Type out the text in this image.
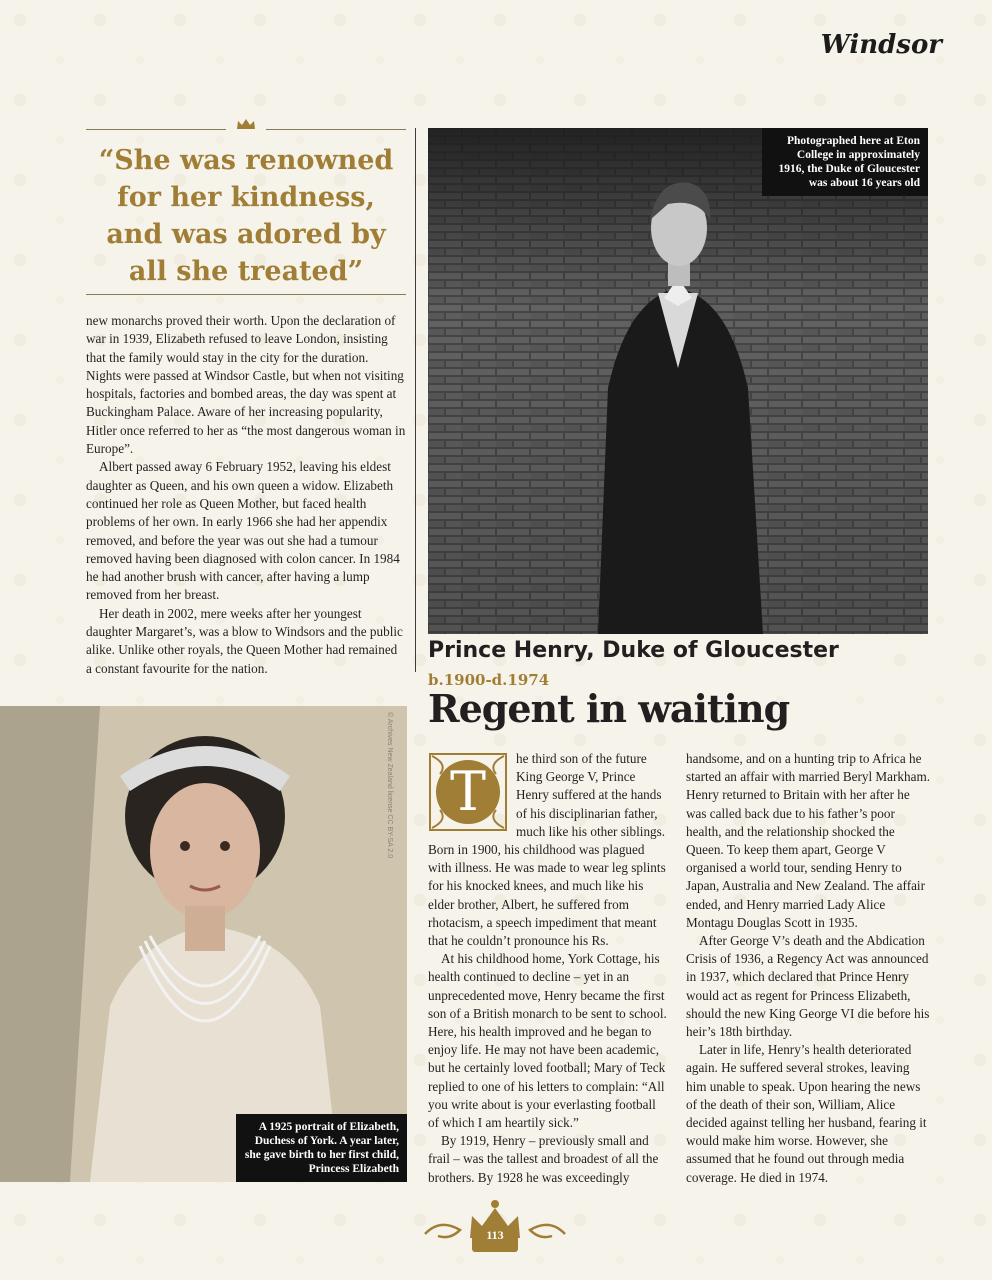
Windsor
“She was renowned for her kindness, and was adored by all she treated”

new monarchs proved their worth. Upon the declaration of war in 1939, Elizabeth refused to leave London, insisting that the family would stay in the city for the duration. Nights were passed at Windsor Castle, but when not visiting hospitals, factories and bombed areas, the day was spent at Buckingham Palace. Aware of her increasing popularity, Hitler once referred to her as “the most dangerous woman in Europe”.

Albert passed away 6 February 1952, leaving his eldest daughter as Queen, and his own queen a widow. Elizabeth continued her role as Queen Mother, but faced health problems of her own. In early 1966 she had her appendix removed, and before the year was out she had a tumour removed having been diagnosed with colon cancer. In 1984 he had another brush with cancer, after having a lump removed from her breast.

Her death in 2002, mere weeks after her youngest daughter Margaret’s, was a blow to Windsors and the public alike. Unlike other royals, the Queen Mother had remained a constant favourite for the nation.

Photographed here at Eton College in approximately 1916, the Duke of Gloucester was about 16 years old
A 1925 portrait of Elizabeth, Duchess of York. A year later, she gave birth to her first child, Princess Elizabeth
© Archives New Zealand license CC BY-SA 2.0
Prince Henry, Duke of Gloucester
b.1900-d.1974
Regent in waiting
T

he third son of the future King George V, Prince Henry suffered at the hands of his disciplinarian father, much like his other siblings. Born in 1900, his childhood was plagued with illness. He was made to wear leg splints for his knocked knees, and much like his elder brother, Albert, he suffered from rhotacism, a speech impediment that meant that he couldn’t pronounce his Rs.

At his childhood home, York Cottage, his health continued to decline – yet in an unprecedented move, Henry became the first son of a British monarch to be sent to school. Here, his health improved and he began to enjoy life. He may not have been academic, but he certainly loved football; Mary of Teck replied to one of his letters to complain: “All you write about is your everlasting football of which I am heartily sick.”

By 1919, Henry – previously small and frail – was the tallest and broadest of all the brothers. By 1928 he was exceedingly

handsome, and on a hunting trip to Africa he started an affair with married Beryl Markham. Henry returned to Britain with her after he was called back due to his father’s poor health, and the relationship shocked the Queen. To keep them apart, George V organised a world tour, sending Henry to Japan, Australia and New Zealand. The affair ended, and Henry married Lady Alice Montagu Douglas Scott in 1935.

After George V’s death and the Abdication Crisis of 1936, a Regency Act was announced in 1937, which declared that Prince Henry would act as regent for Princess Elizabeth, should the new King George VI die before his heir’s 18th birthday.

Later in life, Henry’s health deteriorated again. He suffered several strokes, leaving him unable to speak. Upon hearing the news of the death of their son, William, Alice decided against telling her husband, fearing it would make him worse. However, she assumed that he found out through media coverage. He died in 1974.

113
